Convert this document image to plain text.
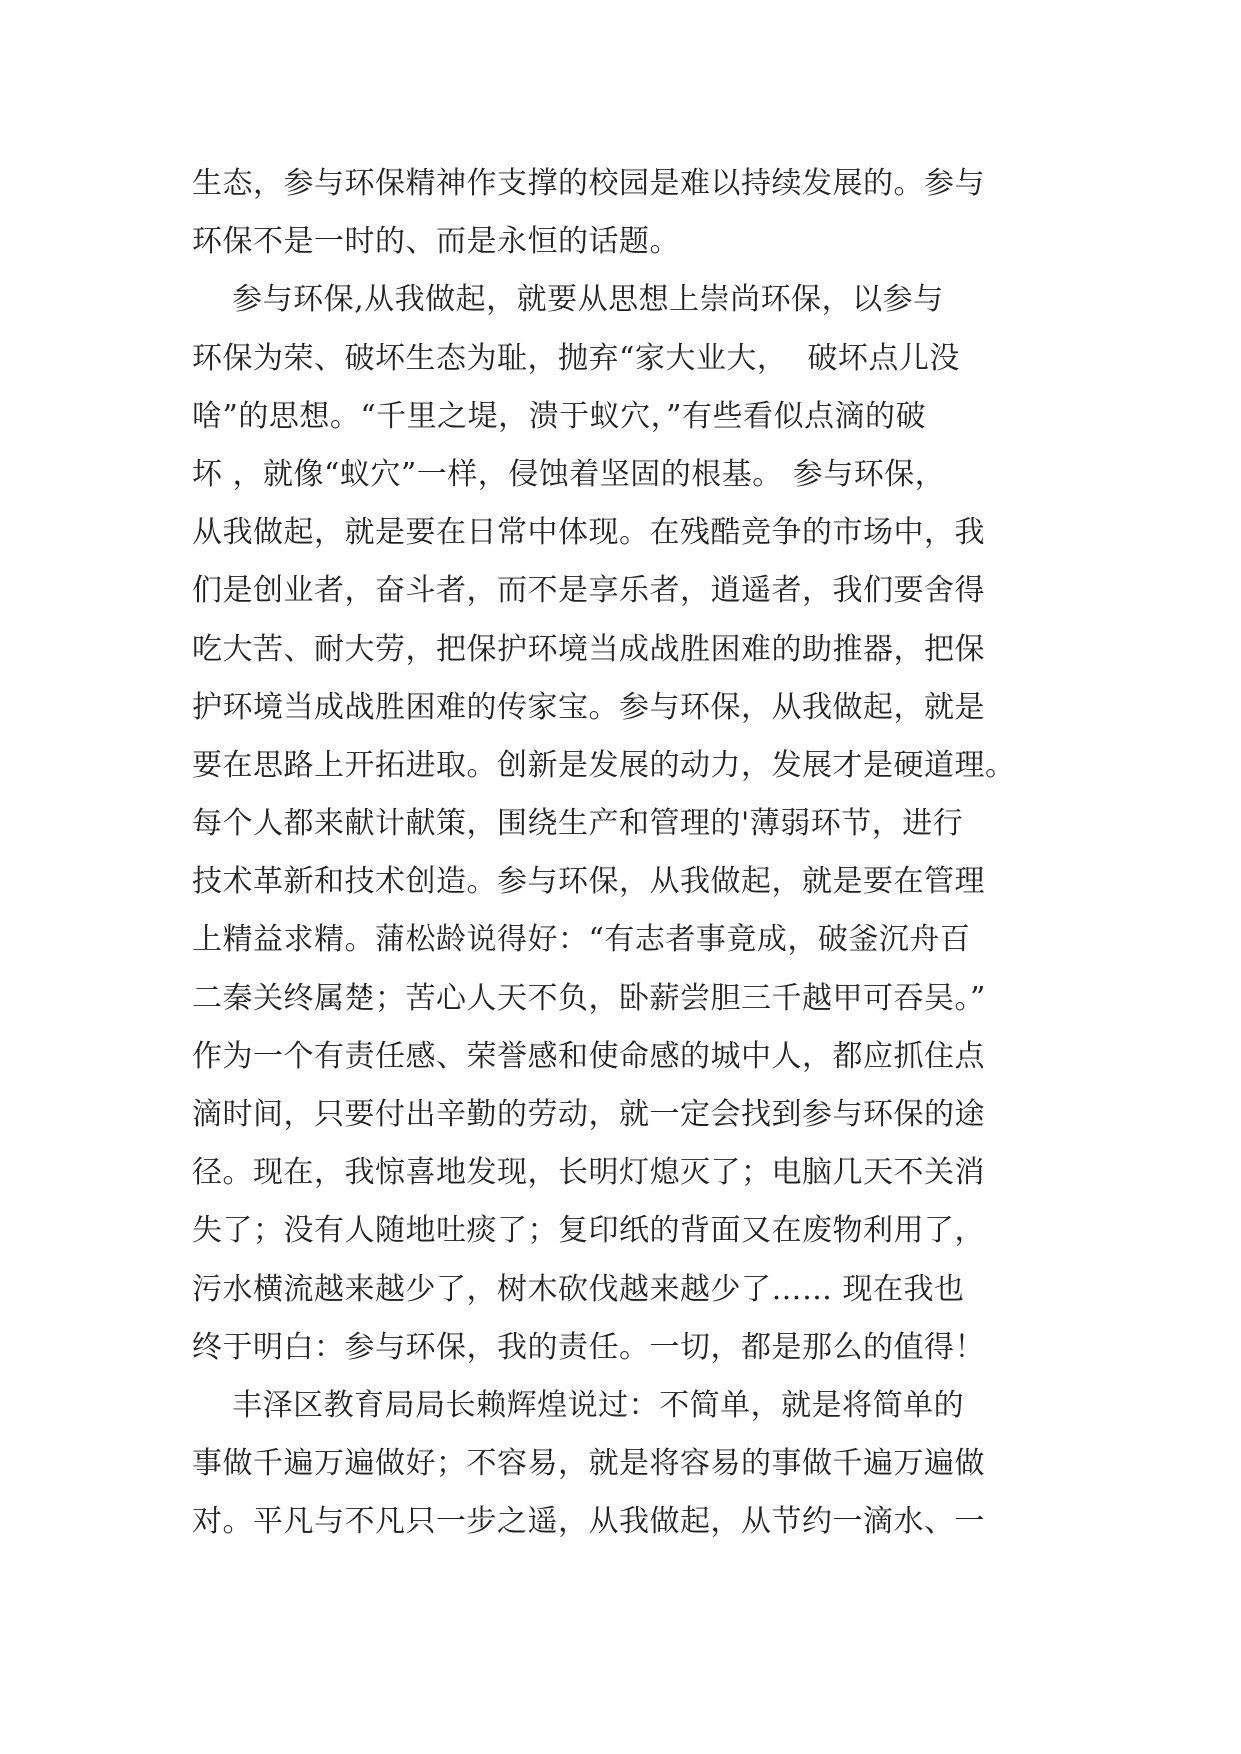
生态，参与环保精神作支撑的校园是难以持续发展的。参与
环保不是一时的、而是永恒的话题。
参与环保,从我做起，就要从思想上崇尚环保，以参与
环保为荣、破坏生态为耻，抛弃“家大业大，  破坏点儿没
啥”的思想。“千里之堤，溃于蚁穴，”有些看似点滴的破
坏 ，就像“蚁穴”一样，侵蚀着坚固的根基。 参与环保，
从我做起，就是要在日常中体现。在残酷竞争的市场中，我
们是创业者，奋斗者，而不是享乐者，逍遥者，我们要舍得
吃大苦、耐大劳，把保护环境当成战胜困难的助推器，把保
护环境当成战胜困难的传家宝。参与环保，从我做起，就是
要在思路上开拓进取。创新是发展的动力，发展才是硬道理。
每个人都来献计献策，围绕生产和管理的'薄弱环节，进行
技术革新和技术创造。参与环保，从我做起，就是要在管理
上精益求精。蒲松龄说得好：“有志者事竟成，破釜沉舟百
二秦关终属楚；苦心人天不负，卧薪尝胆三千越甲可吞吴。”
作为一个有责任感、荣誉感和使命感的城中人，都应抓住点
滴时间，只要付出辛勤的劳动，就一定会找到参与环保的途
径。现在，我惊喜地发现，长明灯熄灭了；电脑几天不关消
失了；没有人随地吐痰了；复印纸的背面又在废物利用了，
污水横流越来越少了，树木砍伐越来越少了…… 现在我也
终于明白：参与环保，我的责任。一切，都是那么的值得！
丰泽区教育局局长赖辉煌说过：不简单，就是将简单的
事做千遍万遍做好；不容易，就是将容易的事做千遍万遍做
对。平凡与不凡只一步之遥，从我做起，从节约一滴水、一
